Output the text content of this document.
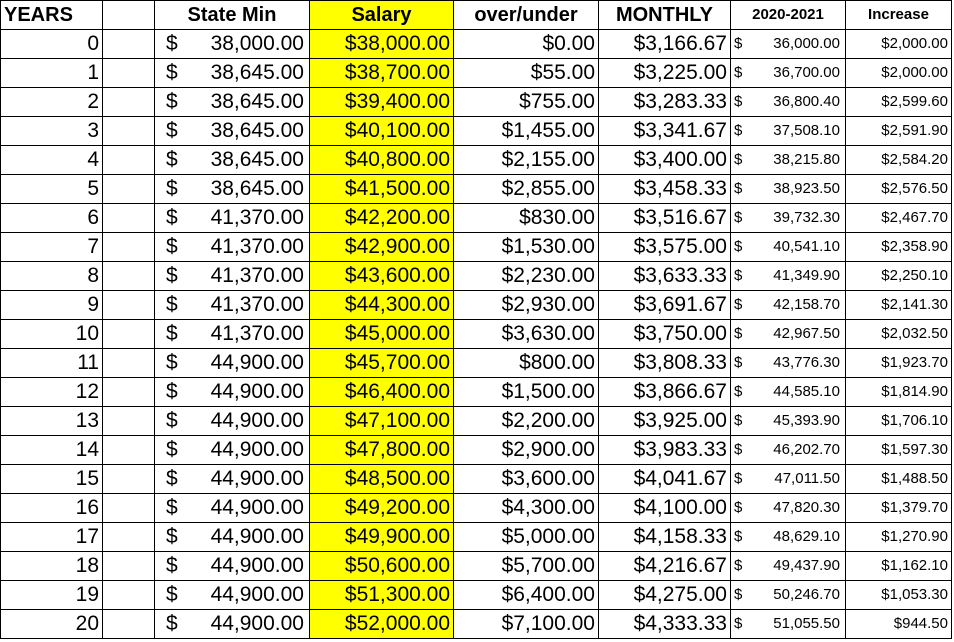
YEARS		State Min	Salary	over/under	MONTHLY	2020-2021	Increase
0		$ 38,000.00	$38,000.00	$0.00	$3,166.67	$ 36,000.00	$2,000.00
1		$ 38,645.00	$38,700.00	$55.00	$3,225.00	$ 36,700.00	$2,000.00
2		$ 38,645.00	$39,400.00	$755.00	$3,283.33	$ 36,800.40	$2,599.60
3		$ 38,645.00	$40,100.00	$1,455.00	$3,341.67	$ 37,508.10	$2,591.90
4		$ 38,645.00	$40,800.00	$2,155.00	$3,400.00	$ 38,215.80	$2,584.20
5		$ 38,645.00	$41,500.00	$2,855.00	$3,458.33	$ 38,923.50	$2,576.50
6		$ 41,370.00	$42,200.00	$830.00	$3,516.67	$ 39,732.30	$2,467.70
7		$ 41,370.00	$42,900.00	$1,530.00	$3,575.00	$ 40,541.10	$2,358.90
8		$ 41,370.00	$43,600.00	$2,230.00	$3,633.33	$ 41,349.90	$2,250.10
9		$ 41,370.00	$44,300.00	$2,930.00	$3,691.67	$ 42,158.70	$2,141.30
10		$ 41,370.00	$45,000.00	$3,630.00	$3,750.00	$ 42,967.50	$2,032.50
11		$ 44,900.00	$45,700.00	$800.00	$3,808.33	$ 43,776.30	$1,923.70
12		$ 44,900.00	$46,400.00	$1,500.00	$3,866.67	$ 44,585.10	$1,814.90
13		$ 44,900.00	$47,100.00	$2,200.00	$3,925.00	$ 45,393.90	$1,706.10
14		$ 44,900.00	$47,800.00	$2,900.00	$3,983.33	$ 46,202.70	$1,597.30
15		$ 44,900.00	$48,500.00	$3,600.00	$4,041.67	$ 47,011.50	$1,488.50
16		$ 44,900.00	$49,200.00	$4,300.00	$4,100.00	$ 47,820.30	$1,379.70
17		$ 44,900.00	$49,900.00	$5,000.00	$4,158.33	$ 48,629.10	$1,270.90
18		$ 44,900.00	$50,600.00	$5,700.00	$4,216.67	$ 49,437.90	$1,162.10
19		$ 44,900.00	$51,300.00	$6,400.00	$4,275.00	$ 50,246.70	$1,053.30
20		$ 44,900.00	$52,000.00	$7,100.00	$4,333.33	$ 51,055.50	$944.50
